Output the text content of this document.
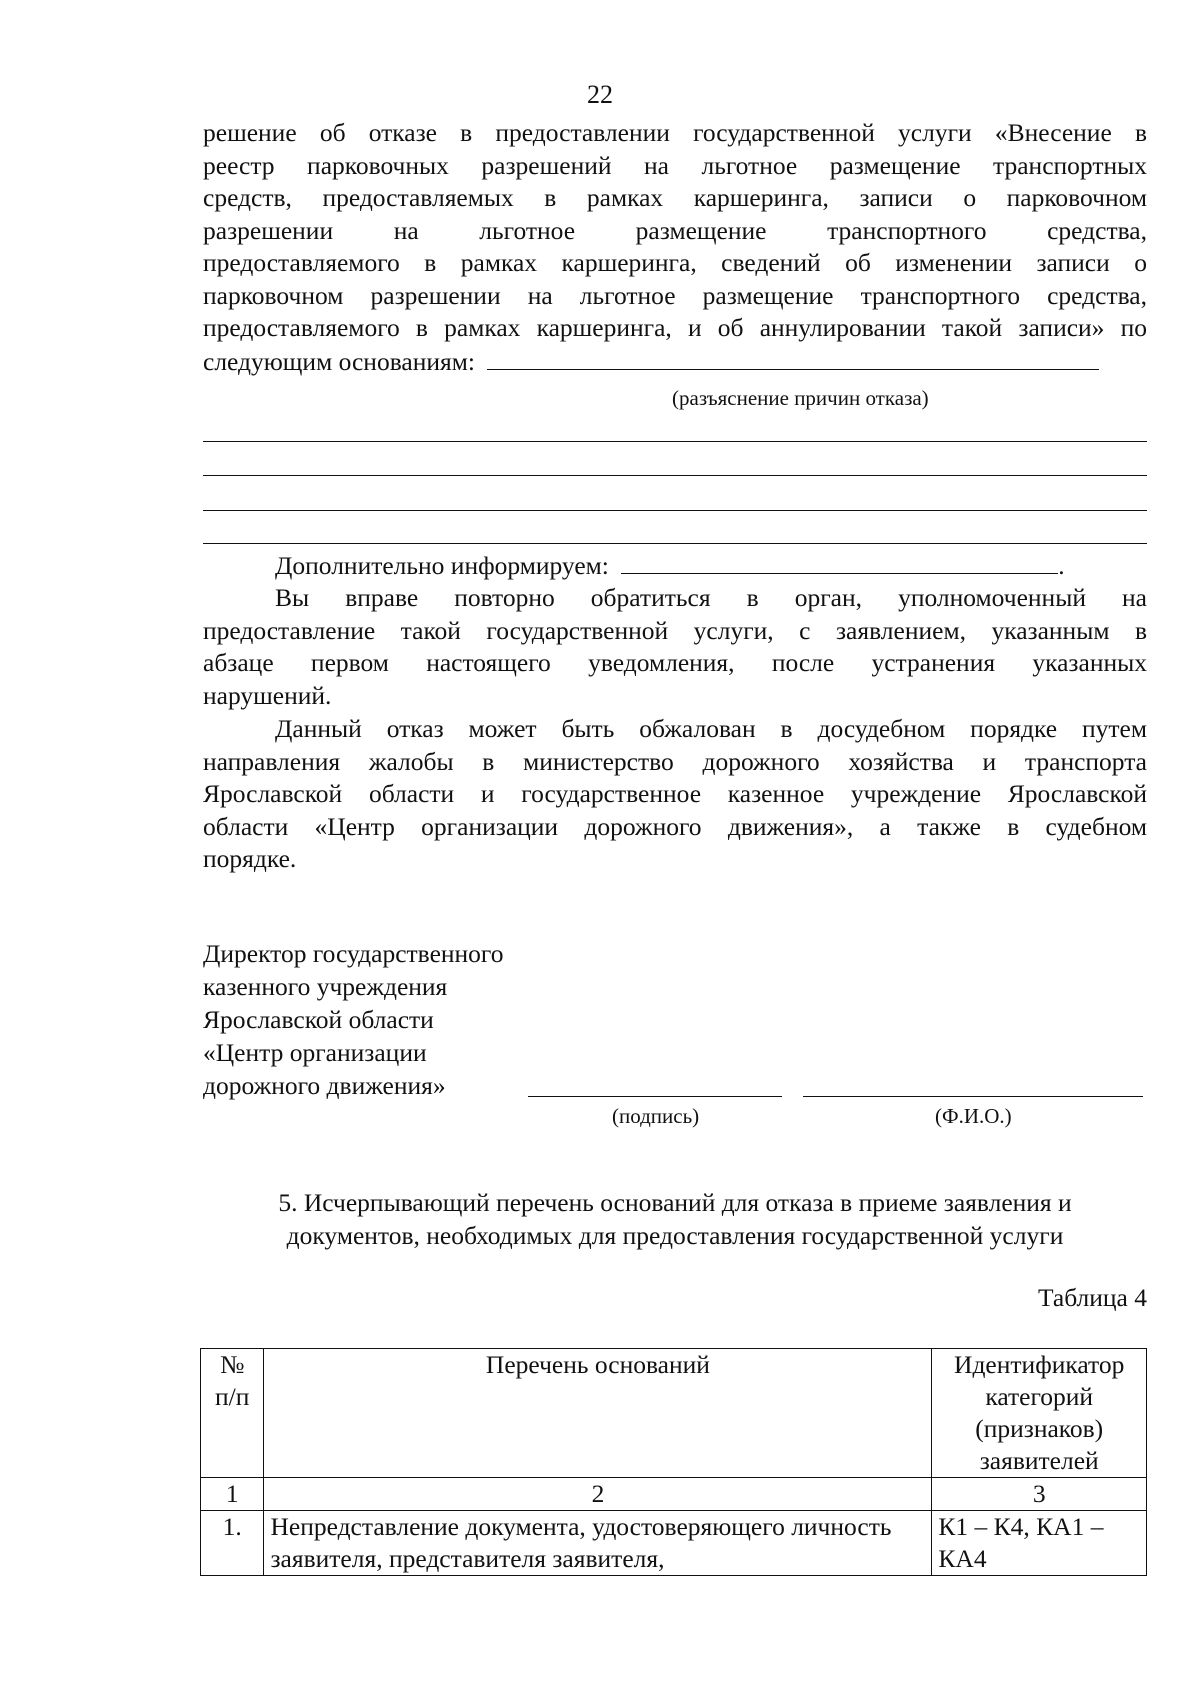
22
решение об отказе в предоставлении государственной услуги «Внесение в
реестр парковочных разрешений на льготное размещение транспортных
средств, предоставляемых в рамках каршеринга, записи о парковочном
разрешении на льготное размещение транспортного средства,
предоставляемого в рамках каршеринга, сведений об изменении записи о
парковочном разрешении на льготное размещение транспортного средства,
предоставляемого в рамках каршеринга, и об аннулировании такой записи» по
следующим основаниям:
(разъяснение причин отказа)
Дополнительно информируем:	.
Вы вправе повторно обратиться в орган, уполномоченный на
предоставление такой государственной услуги, с заявлением, указанным в
абзаце первом настоящего уведомления, после устранения указанных
нарушений.
Данный отказ может быть обжалован в досудебном порядке путем
направления жалобы в министерство дорожного хозяйства и транспорта
Ярославской области и государственное казенное учреждение Ярославской
области «Центр организации дорожного движения», а также в судебном
порядке.
Директор государственного
казенного учреждения
Ярославской области
«Центр организации
дорожного движения»
(подпись)	(Ф.И.О.)
5. Исчерпывающий перечень оснований для отказа в приеме заявления и
документов, необходимых для предоставления государственной услуги
Таблица 4
№ п/п	Перечень оснований	Идентификатор категорий (признаков) заявителей
1	2	3
1.	Непредставление документа, удостоверяющего личность заявителя, представителя заявителя,	К1 – К4, КА1 – КА4
